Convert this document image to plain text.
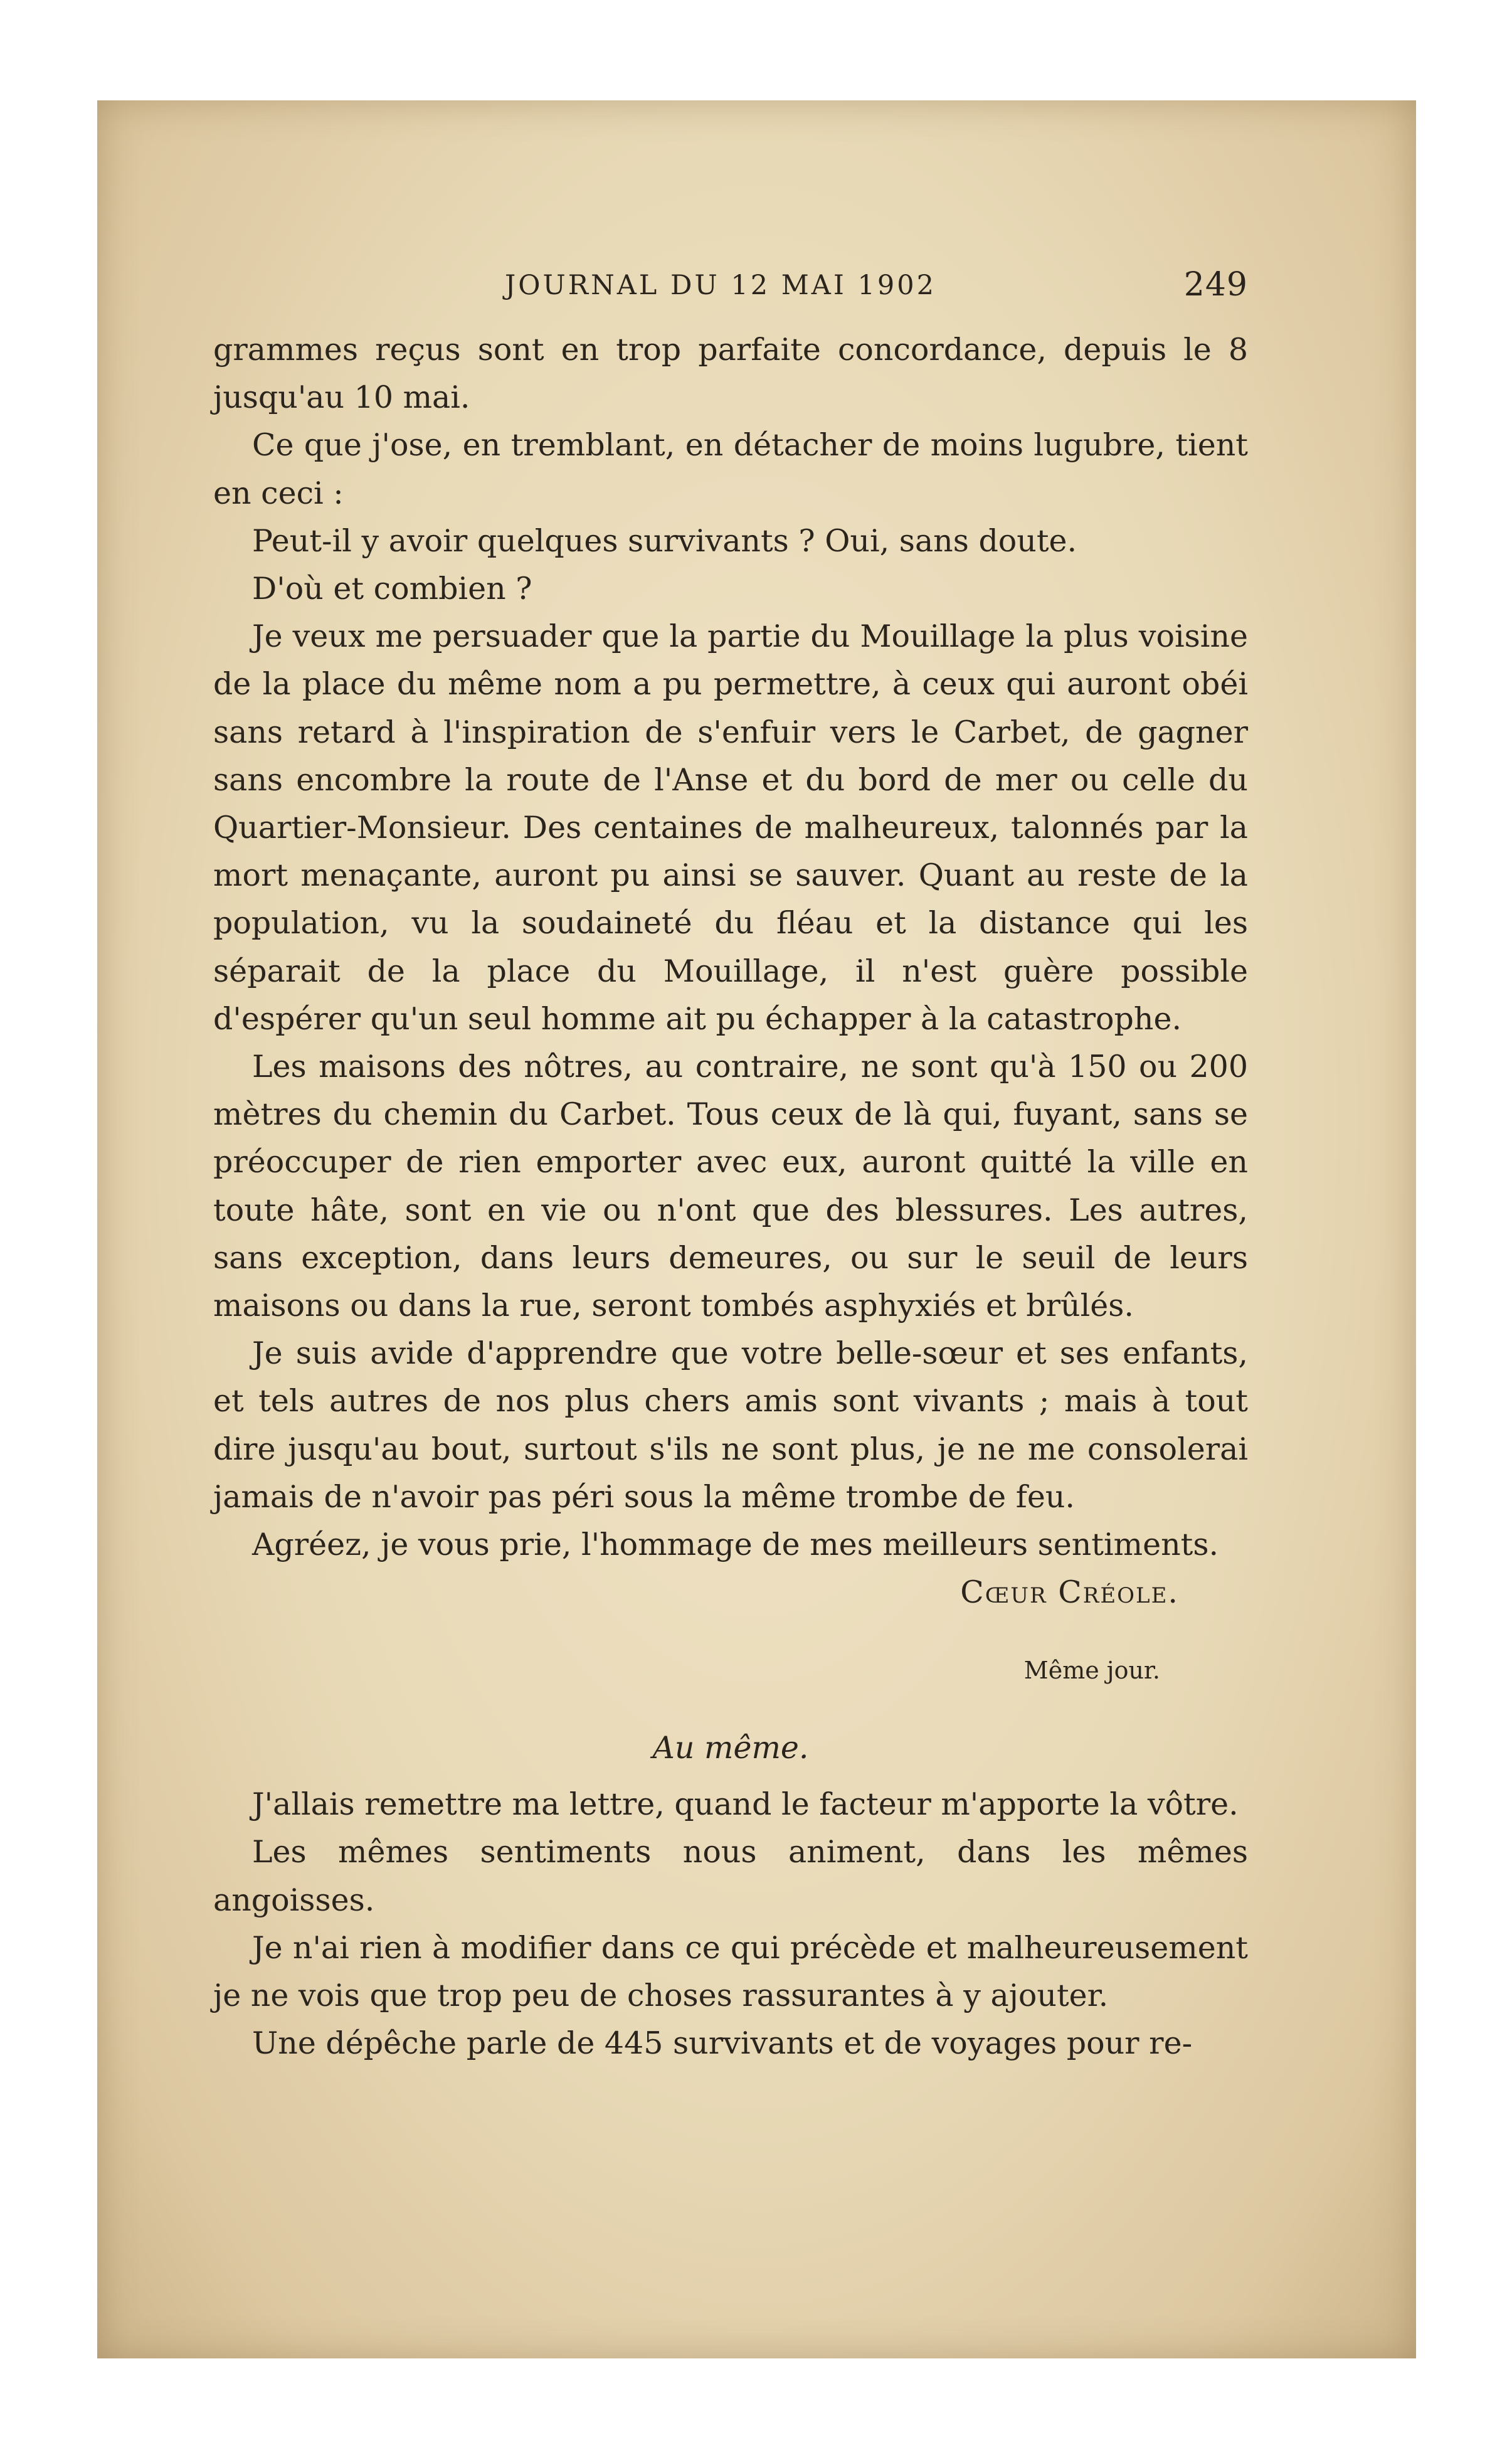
JOURNAL DU 12 MAI 1902	249

grammes reçus sont en trop parfaite concordance, depuis le 8 jusqu'au 10 mai.

Ce que j'ose, en tremblant, en détacher de moins lugubre, tient en ceci :

Peut-il y avoir quelques survivants ? Oui, sans doute.

D'où et combien ?

Je veux me persuader que la partie du Mouillage la plus voisine de la place du même nom a pu permettre, à ceux qui auront obéi sans retard à l'inspiration de s'enfuir vers le Carbet, de gagner sans encombre la route de l'Anse et du bord de mer ou celle du Quartier-Monsieur. Des centaines de malheureux, talonnés par la mort menaçante, auront pu ainsi se sauver. Quant au reste de la population, vu la soudaineté du fléau et la distance qui les séparait de la place du Mouillage, il n'est guère possible d'espérer qu'un seul homme ait pu échapper à la catastrophe.

Les maisons des nôtres, au contraire, ne sont qu'à 150 ou 200 mètres du chemin du Carbet. Tous ceux de là qui, fuyant, sans se préoccuper de rien emporter avec eux, auront quitté la ville en toute hâte, sont en vie ou n'ont que des blessures. Les autres, sans exception, dans leurs demeures, ou sur le seuil de leurs maisons ou dans la rue, seront tombés asphyxiés et brûlés.

Je suis avide d'apprendre que votre belle-sœur et ses enfants, et tels autres de nos plus chers amis sont vivants ; mais à tout dire jusqu'au bout, surtout s'ils ne sont plus, je ne me consolerai jamais de n'avoir pas péri sous la même trombe de feu.

Agréez, je vous prie, l'hommage de mes meilleurs sentiments.

Cœur Créole.
Même jour.
Au même.

J'allais remettre ma lettre, quand le facteur m'apporte la vôtre.

Les mêmes sentiments nous animent, dans les mêmes angoisses.

Je n'ai rien à modifier dans ce qui précède et malheureusement je ne vois que trop peu de choses rassurantes à y ajouter.

Une dépêche parle de 445 survivants et de voyages pour re-
